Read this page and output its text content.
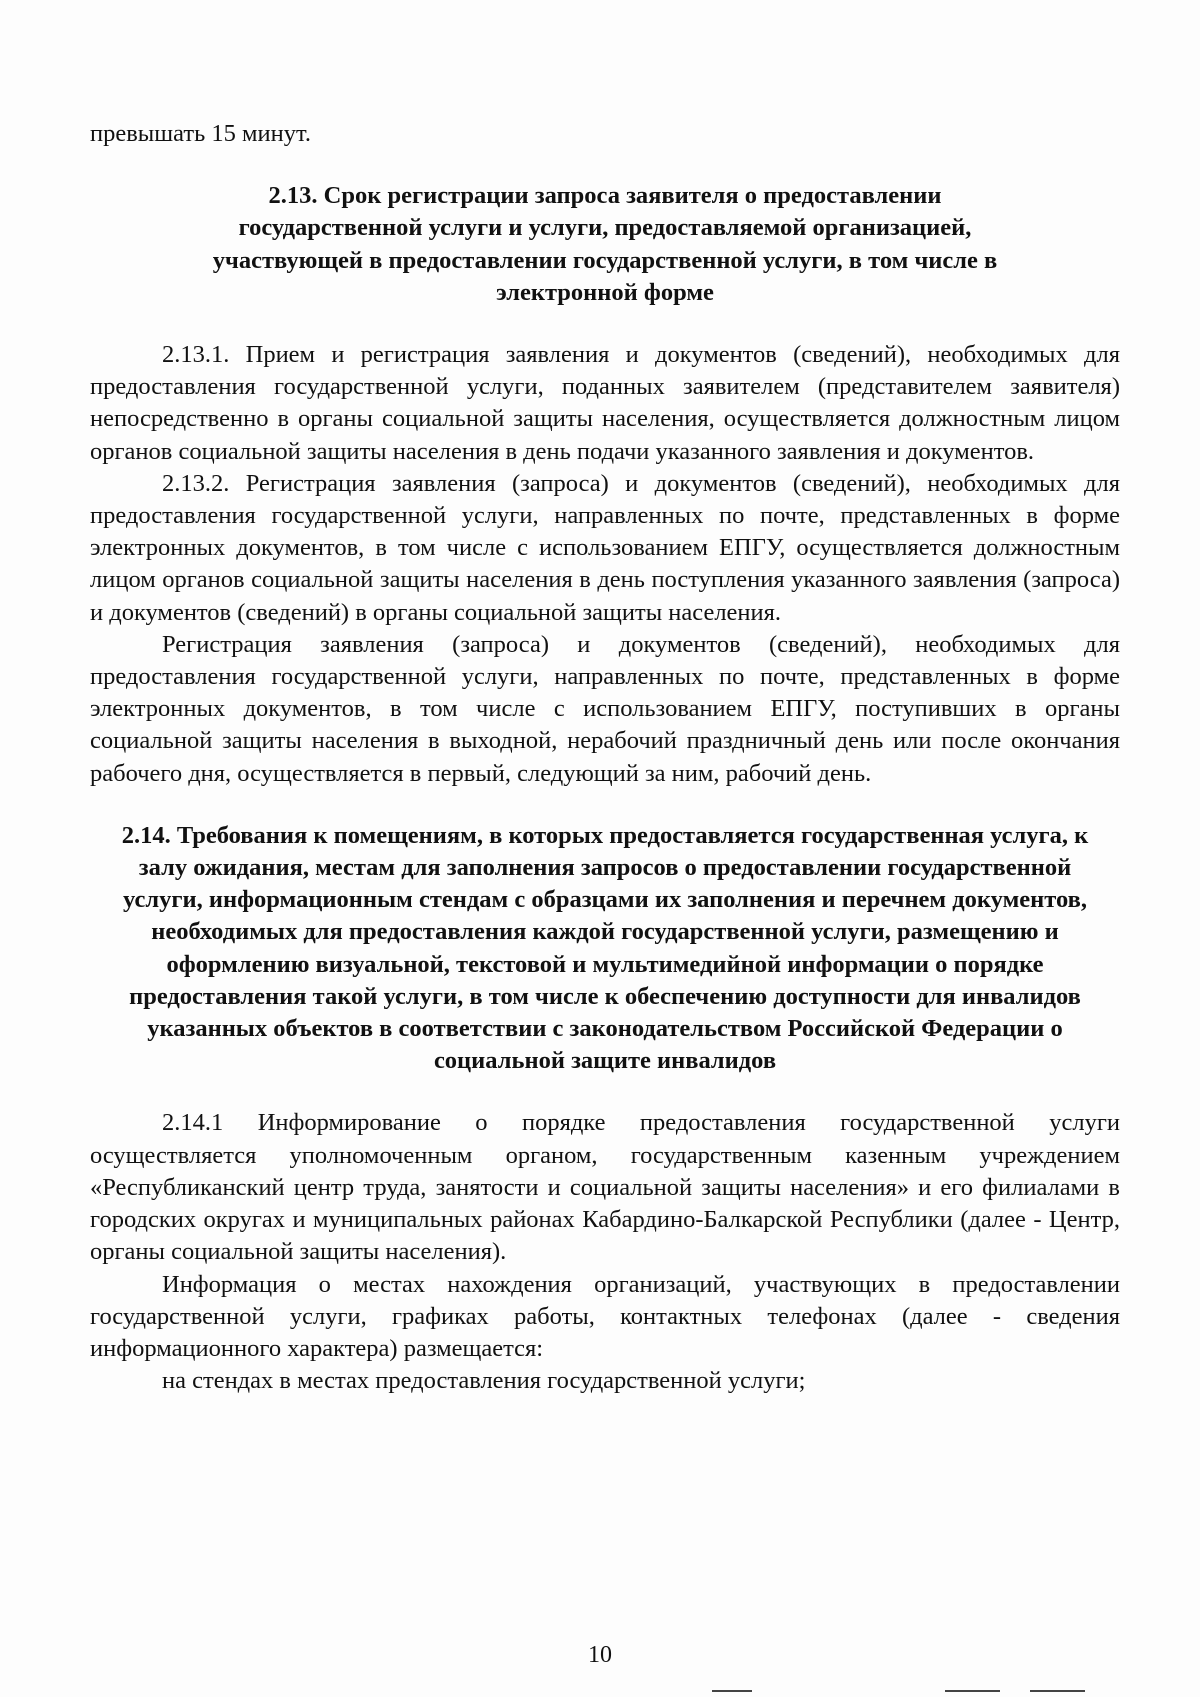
превышать 15 минут.

2.13. Срок регистрации запроса заявителя о предоставлении государственной услуги и услуги, предоставляемой организацией, участвующей в предоставлении государственной услуги, в том числе в электронной форме

2.13.1. Прием и регистрация заявления и документов (сведений), необходимых для предоставления государственной услуги, поданных заявителем (представителем заявителя) непосредственно в органы социальной защиты населения, осуществляется должностным лицом органов социальной защиты населения в день подачи указанного заявления и документов.

2.13.2. Регистрация заявления (запроса) и документов (сведений), необходимых для предоставления государственной услуги, направленных по почте, представленных в форме электронных документов, в том числе с использованием ЕПГУ, осуществляется должностным лицом органов социальной защиты населения в день поступления указанного заявления (запроса) и документов (сведений) в органы социальной защиты населения.

Регистрация заявления (запроса) и документов (сведений), необходимых для предоставления государственной услуги, направленных по почте, представленных в форме электронных документов, в том числе с использованием ЕПГУ, поступивших в органы социальной защиты населения в выходной, нерабочий праздничный день или после окончания рабочего дня, осуществляется в первый, следующий за ним, рабочий день.

2.14. Требования к помещениям, в которых предоставляется государственная услуга, к залу ожидания, местам для заполнения запросов о предоставлении государственной услуги, информационным стендам с образцами их заполнения и перечнем документов, необходимых для предоставления каждой государственной услуги, размещению и оформлению визуальной, текстовой и мультимедийной информации о порядке предоставления такой услуги, в том числе к обеспечению доступности для инвалидов указанных объектов в соответствии с законодательством Российской Федерации о социальной защите инвалидов

2.14.1 Информирование о порядке предоставления государственной услуги осуществляется уполномоченным органом, государственным казенным учреждением «Республиканский центр труда, занятости и социальной защиты населения» и его филиалами в городских округах и муниципальных районах Кабардино-Балкарской Республики (далее - Центр, органы социальной защиты населения).

Информация о местах нахождения организаций, участвующих в предоставлении государственной услуги, графиках работы, контактных телефонах (далее - сведения информационного характера) размещается:

на стендах в местах предоставления государственной услуги;

10
